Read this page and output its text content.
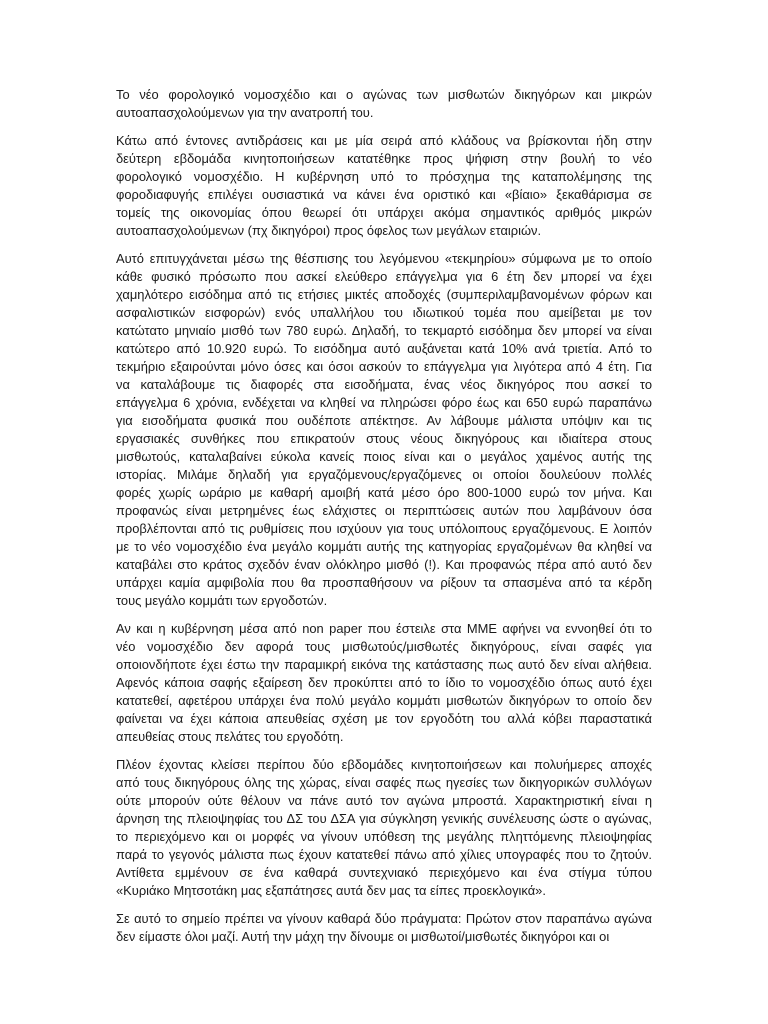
Το νέο φορολογικό νομοσχέδιο και ο αγώνας των μισθωτών δικηγόρων και μικρών
αυτοαπασχολούμενων για την ανατροπή του.

Κάτω από έντονες αντιδράσεις και με μία σειρά από κλάδους να βρίσκονται ήδη στην
δεύτερη εβδομάδα κινητοποιήσεων κατατέθηκε προς ψήφιση στην βουλή το νέο
φορολογικό νομοσχέδιο. Η κυβέρνηση υπό το πρόσχημα της καταπολέμησης της
φοροδιαφυγής επιλέγει ουσιαστικά να κάνει ένα οριστικό και «βίαιο» ξεκαθάρισμα σε
τομείς της οικονομίας όπου θεωρεί ότι υπάρχει ακόμα σημαντικός αριθμός μικρών
αυτοαπασχολούμενων (πχ δικηγόροι) προς όφελος των μεγάλων εταιριών.

Αυτό επιτυγχάνεται μέσω της θέσπισης του λεγόμενου «τεκμηρίου» σύμφωνα με το οποίο
κάθε φυσικό πρόσωπο που ασκεί ελεύθερο επάγγελμα για 6 έτη δεν μπορεί να έχει
χαμηλότερο εισόδημα από τις ετήσιες μικτές αποδοχές (συμπεριλαμβανομένων φόρων και
ασφαλιστικών εισφορών) ενός υπαλλήλου του ιδιωτικού τομέα που αμείβεται με τον
κατώτατο μηνιαίο μισθό των 780 ευρώ. Δηλαδή, το τεκμαρτό εισόδημα δεν μπορεί να είναι
κατώτερο από 10.920 ευρώ. Το εισόδημα αυτό αυξάνεται κατά 10% ανά τριετία. Από το
τεκμήριο εξαιρούνται μόνο όσες και όσοι ασκούν το επάγγελμα για λιγότερα από 4 έτη. Για
να καταλάβουμε τις διαφορές στα εισοδήματα, ένας νέος δικηγόρος που ασκεί το
επάγγελμα 6 χρόνια, ενδέχεται να κληθεί να πληρώσει φόρο έως και 650 ευρώ παραπάνω
για εισοδήματα φυσικά που ουδέποτε απέκτησε. Αν λάβουμε μάλιστα υπόψιν και τις
εργασιακές συνθήκες που επικρατούν στους νέους δικηγόρους και ιδιαίτερα στους
μισθωτούς, καταλαβαίνει εύκολα κανείς ποιος είναι και ο μεγάλος χαμένος αυτής της
ιστορίας. Μιλάμε δηλαδή για εργαζόμενους/εργαζόμενες οι οποίοι δουλεύουν πολλές
φορές χωρίς ωράριο με καθαρή αμοιβή κατά μέσο όρο 800-1000 ευρώ τον μήνα. Και
προφανώς είναι μετρημένες έως ελάχιστες οι περιπτώσεις αυτών που λαμβάνουν όσα
προβλέπονται από τις ρυθμίσεις που ισχύουν για τους υπόλοιπους εργαζόμενους. Ε λοιπόν
με το νέο νομοσχέδιο ένα μεγάλο κομμάτι αυτής της κατηγορίας εργαζομένων θα κληθεί να
καταβάλει στο κράτος σχεδόν έναν ολόκληρο μισθό (!). Και προφανώς πέρα από αυτό δεν
υπάρχει καμία αμφιβολία που θα προσπαθήσουν να ρίξουν τα σπασμένα από τα κέρδη
τους μεγάλο κομμάτι των εργοδοτών.

Αν και η κυβέρνηση μέσα από non paper που έστειλε στα ΜΜΕ αφήνει να εννοηθεί ότι το
νέο νομοσχέδιο δεν αφορά τους μισθωτούς/μισθωτές δικηγόρους, είναι σαφές για
οποιονδήποτε έχει έστω την παραμικρή εικόνα της κατάστασης πως αυτό δεν είναι αλήθεια.
Αφενός κάποια σαφής εξαίρεση δεν προκύπτει από το ίδιο το νομοσχέδιο όπως αυτό έχει
κατατεθεί, αφετέρου υπάρχει ένα πολύ μεγάλο κομμάτι μισθωτών δικηγόρων το οποίο δεν
φαίνεται να έχει κάποια απευθείας σχέση με τον εργοδότη του αλλά κόβει παραστατικά
απευθείας στους πελάτες του εργοδότη.

Πλέον έχοντας κλείσει περίπου δύο εβδομάδες κινητοποιήσεων και πολυήμερες αποχές
από τους δικηγόρους όλης της χώρας, είναι σαφές πως ηγεσίες των δικηγορικών συλλόγων
ούτε μπορούν ούτε θέλουν να πάνε αυτό τον αγώνα μπροστά. Χαρακτηριστική είναι η
άρνηση της πλειοψηφίας του ΔΣ του ΔΣΑ για σύγκληση γενικής συνέλευσης ώστε ο αγώνας,
το περιεχόμενο και οι μορφές να γίνουν υπόθεση της μεγάλης πληττόμενης πλειοψηφίας
παρά το γεγονός μάλιστα πως έχουν κατατεθεί πάνω από χίλιες υπογραφές που το ζητούν.
Αντίθετα εμμένουν σε ένα καθαρά συντεχνιακό περιεχόμενο και ένα στίγμα τύπου
«Κυριάκο Μητσοτάκη μας εξαπάτησες αυτά δεν μας τα είπες προεκλογικά».

Σε αυτό το σημείο πρέπει να γίνουν καθαρά δύο πράγματα: Πρώτον στον παραπάνω αγώνα
δεν είμαστε όλοι μαζί. Αυτή την μάχη την δίνουμε οι μισθωτοί/μισθωτές δικηγόροι και οι
